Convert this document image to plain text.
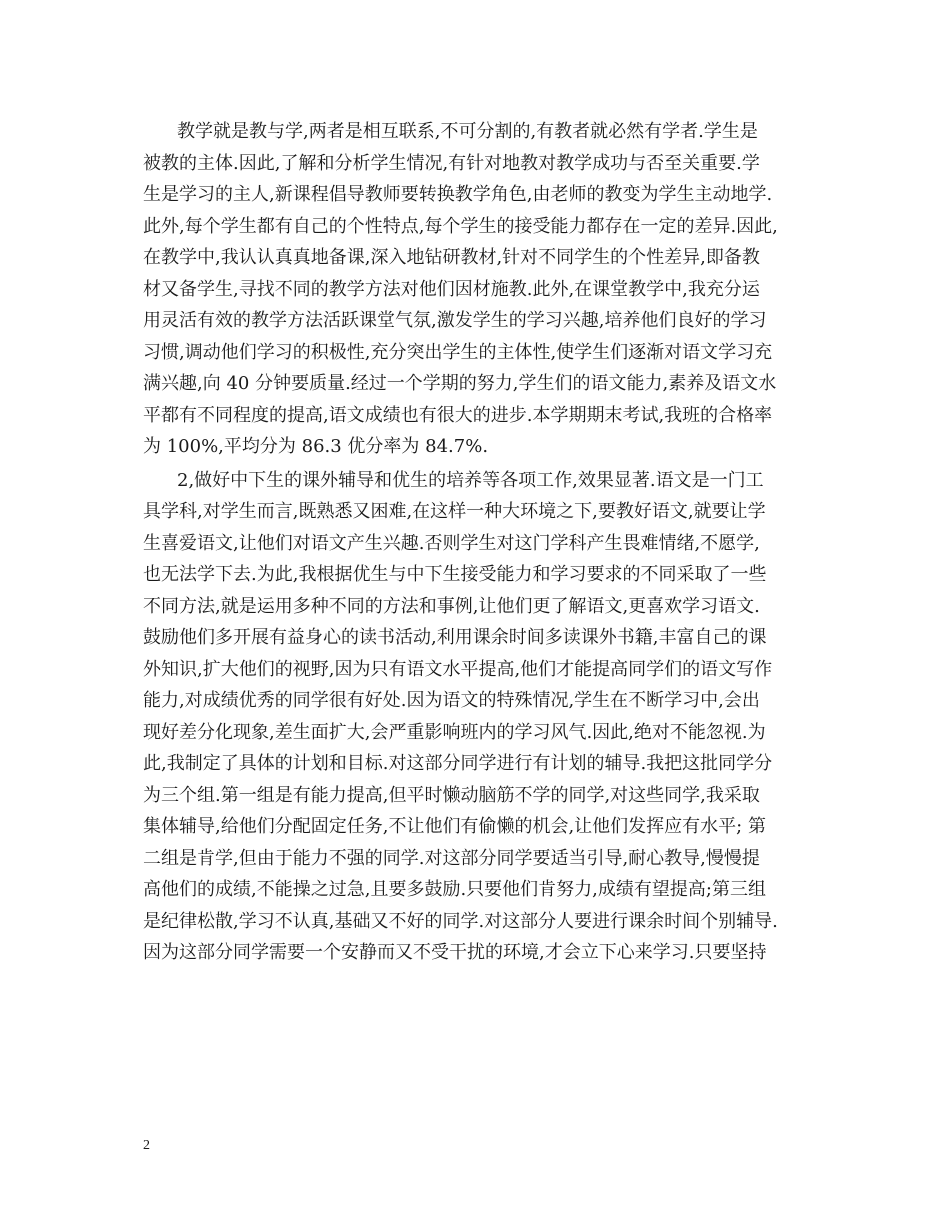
教学就是教与学,两者是相互联系,不可分割的,有教者就必然有学者.学生是
被教的主体.因此,了解和分析学生情况,有针对地教对教学成功与否至关重要.学
生是学习的主人,新课程倡导教师要转换教学角色,由老师的教变为学生主动地学.
此外,每个学生都有自己的个性特点,每个学生的接受能力都存在一定的差异.因此,
在教学中,我认认真真地备课,深入地钻研教材,针对不同学生的个性差异,即备教
材又备学生,寻找不同的教学方法对他们因材施教.此外,在课堂教学中,我充分运
用灵活有效的教学方法活跃课堂气氛,激发学生的学习兴趣,培养他们良好的学习
习惯,调动他们学习的积极性,充分突出学生的主体性,使学生们逐渐对语文学习充
满兴趣,向 40 分钟要质量.经过一个学期的努力,学生们的语文能力,素养及语文水
平都有不同程度的提高,语文成绩也有很大的进步.本学期期末考试,我班的合格率
为 100%,平均分为 86.3 优分率为 84.7%.

2,做好中下生的课外辅导和优生的培养等各项工作,效果显著.语文是一门工
具学科,对学生而言,既熟悉又困难,在这样一种大环境之下,要教好语文,就要让学
生喜爱语文,让他们对语文产生兴趣.否则学生对这门学科产生畏难情绪,不愿学,
也无法学下去.为此,我根据优生与中下生接受能力和学习要求的不同采取了一些
不同方法,就是运用多种不同的方法和事例,让他们更了解语文,更喜欢学习语文.
鼓励他们多开展有益身心的读书活动,利用课余时间多读课外书籍,丰富自己的课
外知识,扩大他们的视野,因为只有语文水平提高,他们才能提高同学们的语文写作
能力,对成绩优秀的同学很有好处.因为语文的特殊情况,学生在不断学习中,会出
现好差分化现象,差生面扩大,会严重影响班内的学习风气.因此,绝对不能忽视.为
此,我制定了具体的计划和目标.对这部分同学进行有计划的辅导.我把这批同学分
为三个组.第一组是有能力提高,但平时懒动脑筋不学的同学,对这些同学,我采取
集体辅导,给他们分配固定任务,不让他们有偷懒的机会,让他们发挥应有水平; 第
二组是肯学,但由于能力不强的同学.对这部分同学要适当引导,耐心教导,慢慢提
高他们的成绩,不能操之过急,且要多鼓励.只要他们肯努力,成绩有望提高;第三组
是纪律松散,学习不认真,基础又不好的同学.对这部分人要进行课余时间个别辅导.
因为这部分同学需要一个安静而又不受干扰的环境,才会立下心来学习.只要坚持

2
